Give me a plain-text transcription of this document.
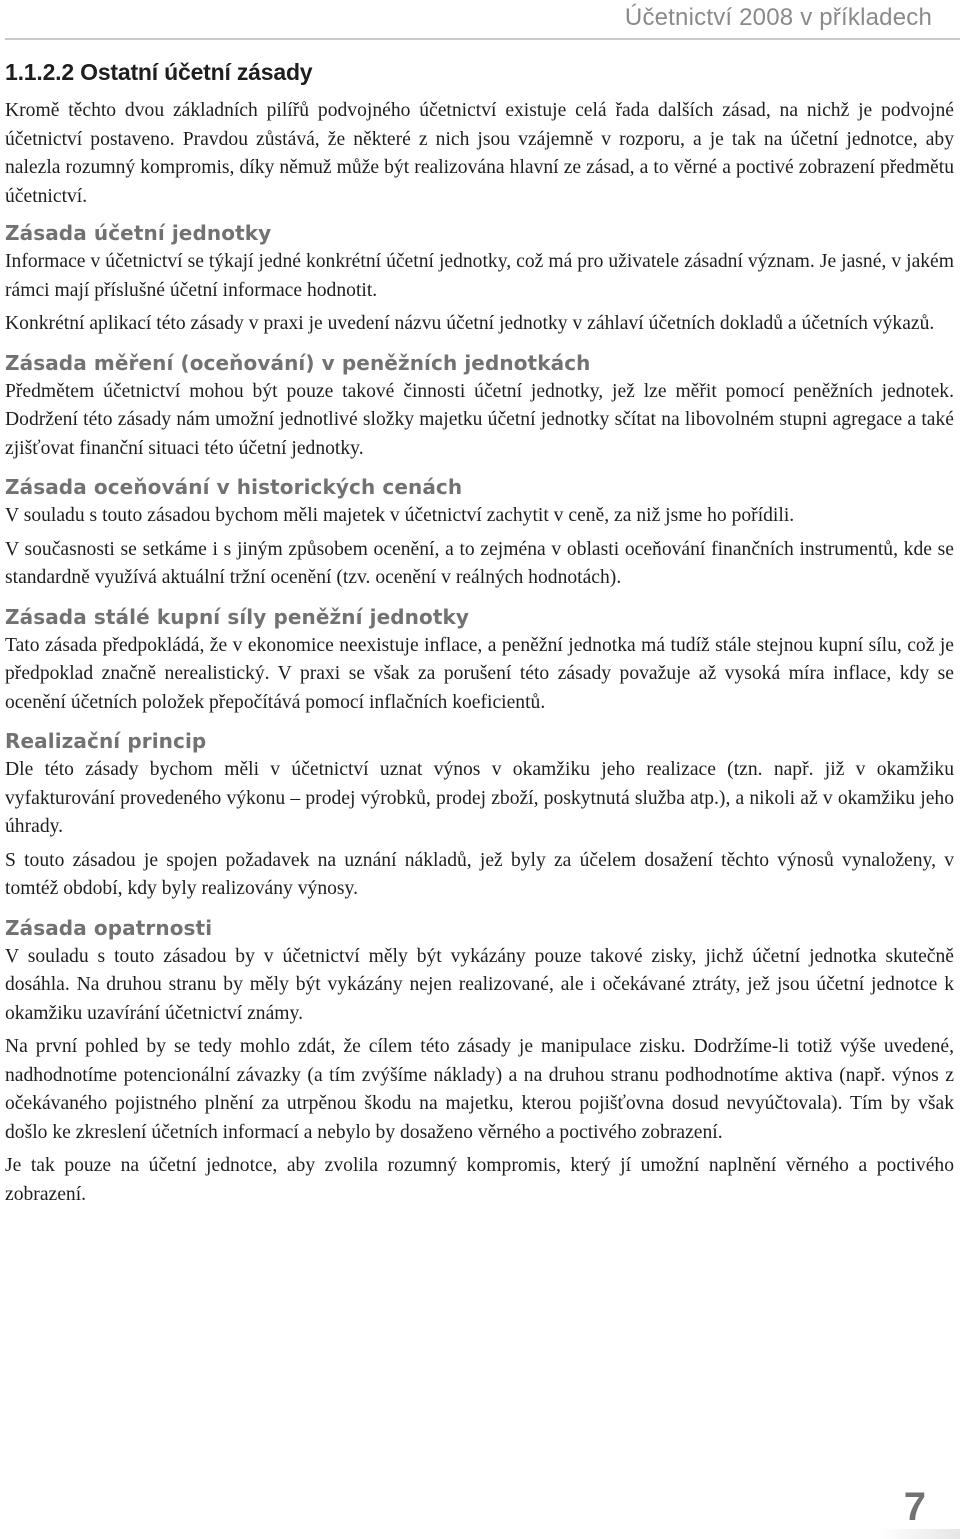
Účetnictví 2008 v příkladech
1.1.2.2 Ostatní účetní zásady

Kromě těchto dvou základních pilířů podvojného účetnictví existuje celá řada dalších zásad, na nichž je podvojné účetnictví postaveno. Pravdou zůstává, že některé z nich jsou vzájemně v rozporu, a je tak na účetní jednotce, aby nalezla rozumný kompromis, díky němuž může být realizována hlavní ze zásad, a to věrné a poctivé zobrazení předmětu účetnictví.

Zásada účetní jednotky

Informace v účetnictví se týkají jedné konkrétní účetní jednotky, což má pro uživatele zásadní význam. Je jasné, v jakém rámci mají příslušné účetní informace hodnotit.

Konkrétní aplikací této zásady v praxi je uvedení názvu účetní jednotky v záhlaví účetních dokladů a účetních výkazů.

Zásada měření (oceňování) v peněžních jednotkách

Předmětem účetnictví mohou být pouze takové činnosti účetní jednotky, jež lze měřit pomocí peněžních jednotek. Dodržení této zásady nám umožní jednotlivé složky majetku účetní jednotky sčítat na libovolném stupni agregace a také zjišťovat finanční situaci této účetní jednotky.

Zásada oceňování v historických cenách

V souladu s touto zásadou bychom měli majetek v účetnictví zachytit v ceně, za niž jsme ho pořídili.

V současnosti se setkáme i s jiným způsobem ocenění, a to zejména v oblasti oceňování finančních instrumentů, kde se standardně využívá aktuální tržní ocenění (tzv. ocenění v reálných hodnotách).

Zásada stálé kupní síly peněžní jednotky

Tato zásada předpokládá, že v ekonomice neexistuje inflace, a peněžní jednotka má tudíž stále stejnou kupní sílu, což je předpoklad značně nerealistický. V praxi se však za porušení této zásady považuje až vysoká míra inflace, kdy se ocenění účetních položek přepočítává pomocí inflačních koeficientů.

Realizační princip

Dle této zásady bychom měli v účetnictví uznat výnos v okamžiku jeho realizace (tzn. např. již v okamžiku vyfakturování provedeného výkonu – prodej výrobků, prodej zboží, poskytnutá služba atp.), a nikoli až v okamžiku jeho úhrady.

S touto zásadou je spojen požadavek na uznání nákladů, jež byly za účelem dosažení těchto výnosů vynaloženy, v tomtéž období, kdy byly realizovány výnosy.

Zásada opatrnosti

V souladu s touto zásadou by v účetnictví měly být vykázány pouze takové zisky, jichž účetní jednotka skutečně dosáhla. Na druhou stranu by měly být vykázány nejen realizované, ale i očekávané ztráty, jež jsou účetní jednotce k okamžiku uzavírání účetnictví známy.

Na první pohled by se tedy mohlo zdát, že cílem této zásady je manipulace zisku. Dodržíme-li totiž výše uvedené, nadhodnotíme potencionální závazky (a tím zvýšíme náklady) a na druhou stranu podhodnotíme aktiva (např. výnos z očekávaného pojistného plnění za utrpěnou škodu na majetku, kterou pojišťovna dosud nevyúčtovala). Tím by však došlo ke zkreslení účetních informací a nebylo by dosaženo věrného a poctivého zobrazení.

Je tak pouze na účetní jednotce, aby zvolila rozumný kompromis, který jí umožní naplnění věrného a poctivého zobrazení.

7
